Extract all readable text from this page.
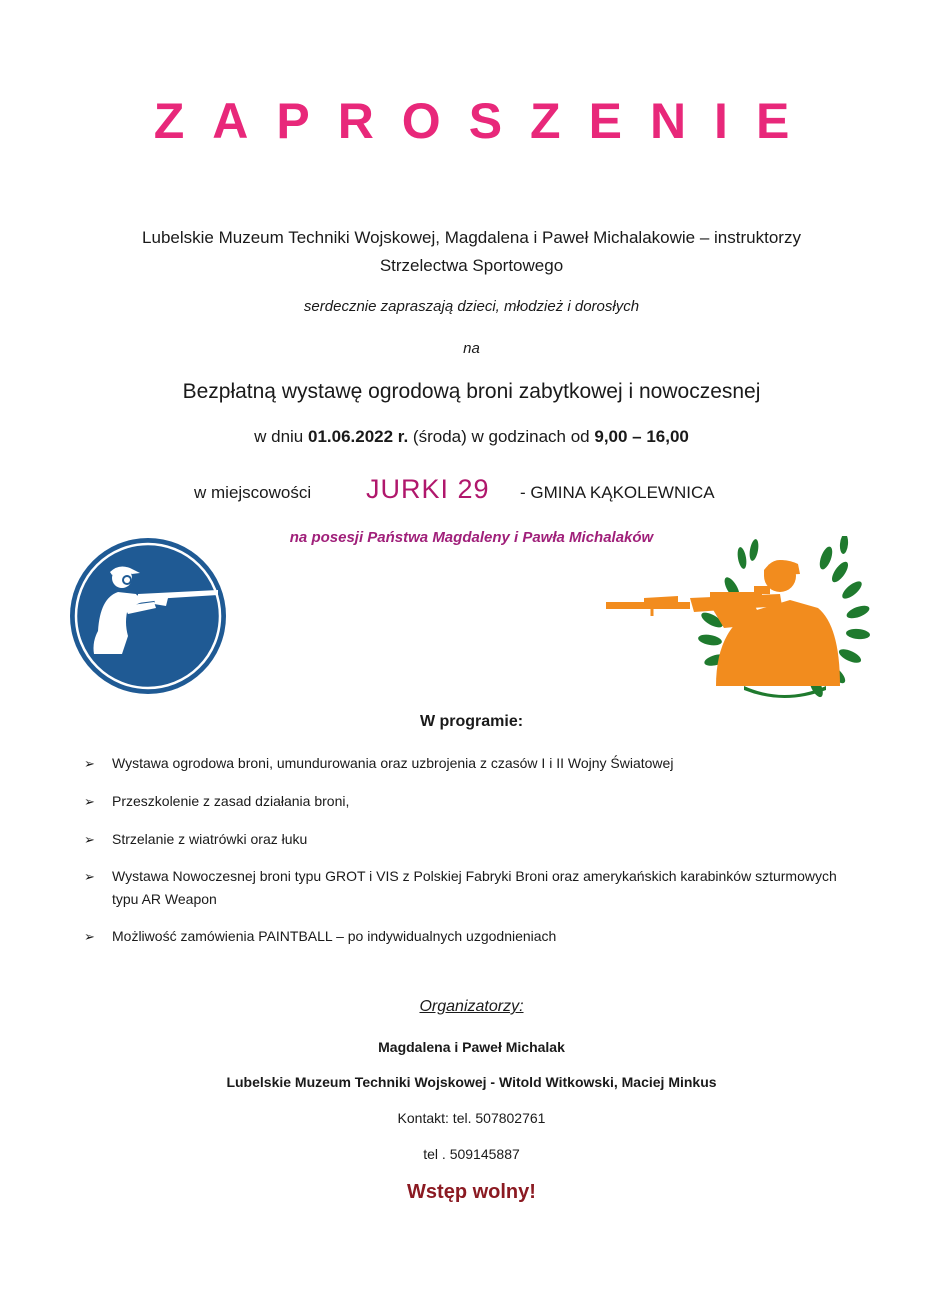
ZAPROSZENIE
Lubelskie Muzeum Techniki Wojskowej, Magdalena i Paweł Michalakowie – instruktorzy
Strzelectwa Sportowego
serdecznie zapraszają dzieci, młodzież i dorosłych
na
Bezpłatną wystawę ogrodową broni zabytkowej i nowoczesnej
w dniu 01.06.2022 r. (środa) w godzinach od 9,00 – 16,00
w miejscowości JURKI 29 - GMINA KĄKOLEWNICA
na posesji Państwa Magdaleny i Pawła Michalaków
W programie:
➢ Wystawa ogrodowa broni, umundurowania oraz uzbrojenia z czasów I i II Wojny Światowej
➢ Przeszkolenie z zasad działania broni,
➢ Strzelanie z wiatrówki oraz łuku
➢ Wystawa Nowoczesnej broni typu GROT i VIS z Polskiej Fabryki Broni oraz amerykańskich karabinków szturmowych typu AR Weapon
➢ Możliwość zamówienia PAINTBALL – po indywidualnych uzgodnieniach
Organizatorzy:
Magdalena i Paweł Michalak
Lubelskie Muzeum Techniki Wojskowej - Witold Witkowski, Maciej Minkus
Kontakt: tel. 507802761
tel . 509145887
Wstęp wolny!
